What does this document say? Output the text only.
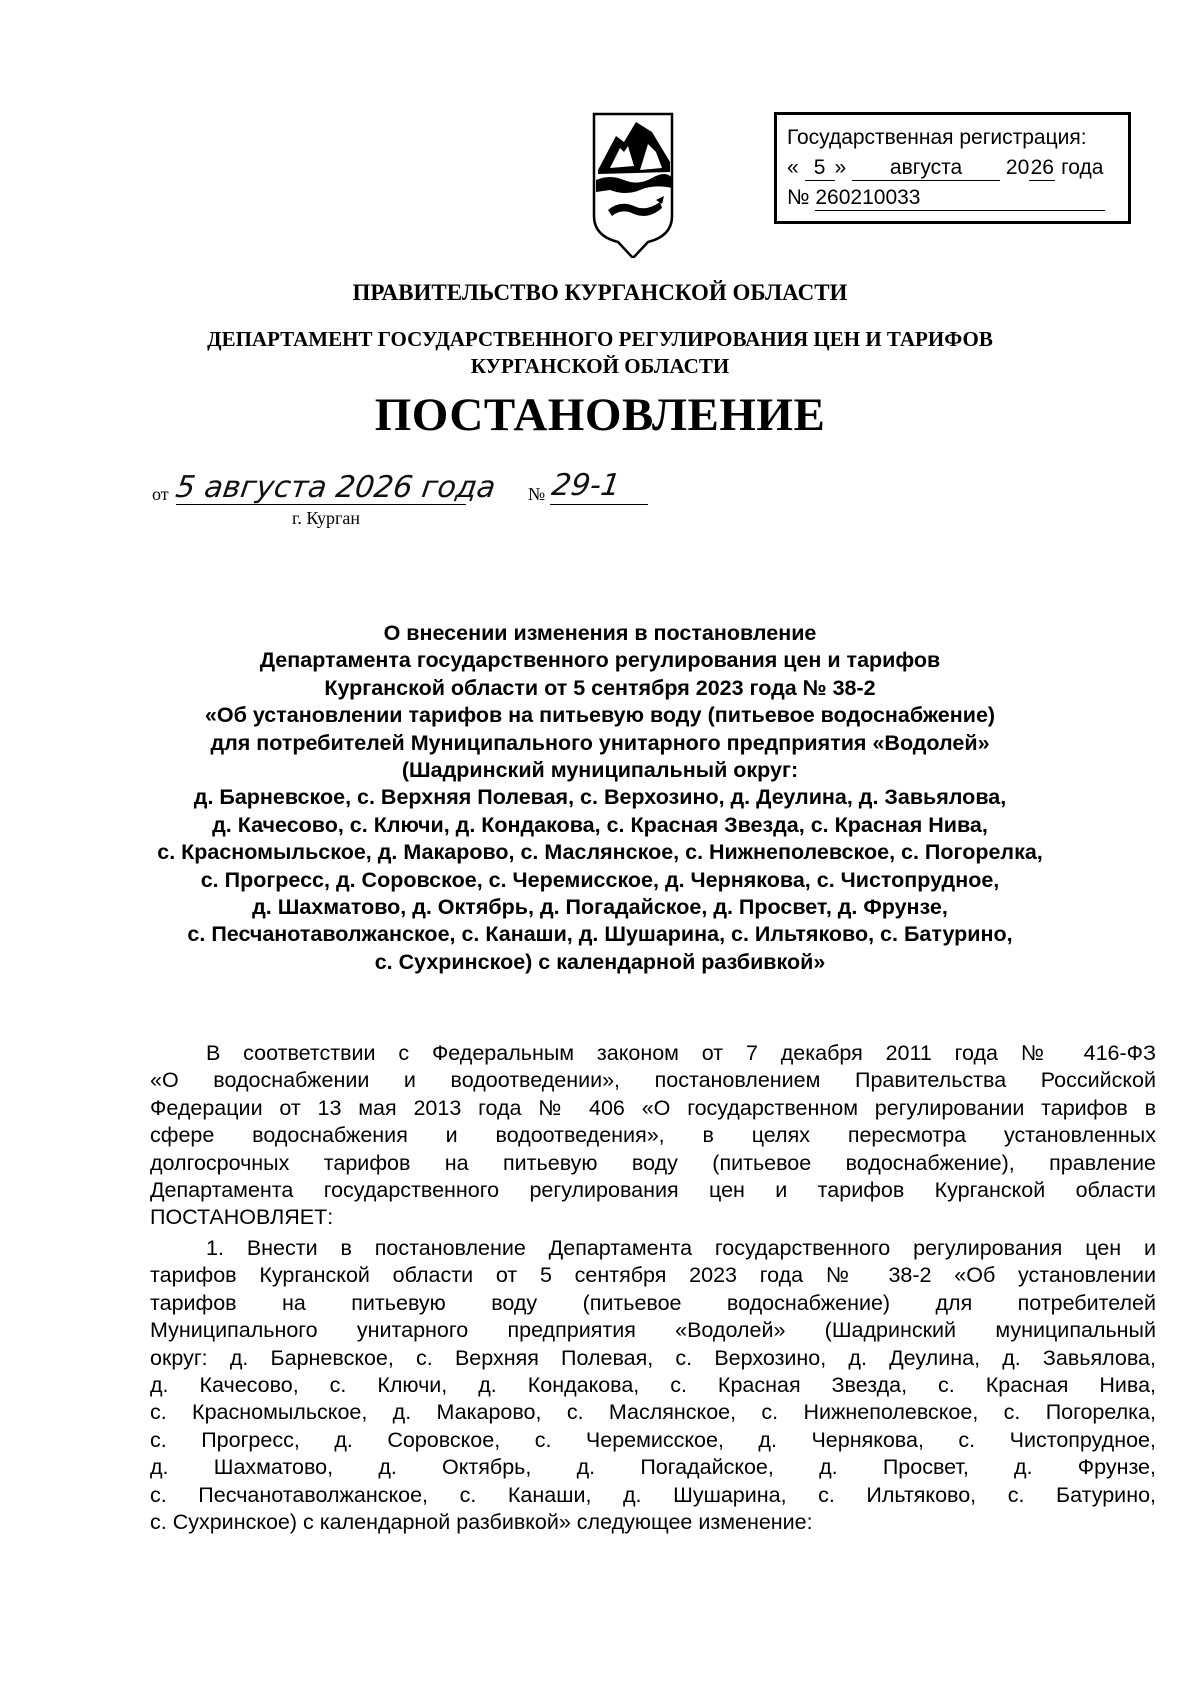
Государственная регистрация:
« 5 » августа 2026 года
№ 260210033
ПРАВИТЕЛЬСТВО КУРГАНСКОЙ ОБЛАСТИ
ДЕПАРТАМЕНТ ГОСУДАРСТВЕННОГО РЕГУЛИРОВАНИЯ ЦЕН И ТАРИФОВ
КУРГАНСКОЙ ОБЛАСТИ
ПОСТАНОВЛЕНИЕ
от 5 августа 2026 года	№ 29-1
г. Курган
О внесении изменения в постановление
Департамента государственного регулирования цен и тарифов
Курганской области от 5 сентября 2023 года № 38-2
«Об установлении тарифов на питьевую воду (питьевое водоснабжение)
для потребителей Муниципального унитарного предприятия «Водолей»
(Шадринский муниципальный округ:
д. Барневское, с. Верхняя Полевая, с. Верхозино, д. Деулина, д. Завьялова,
д. Качесово, с. Ключи, д. Кондакова, с. Красная Звезда, с. Красная Нива,
с. Красномыльское, д. Макарово, с. Маслянское, с. Нижнеполевское, с. Погорелка,
с. Прогресс, д. Соровское, с. Черемисское, д. Чернякова, с. Чистопрудное,
д. Шахматово, д. Октябрь, д. Погадайское, д. Просвет, д. Фрунзе,
с. Песчанотаволжанское, с. Канаши, д. Шушарина, с. Ильтяково, с. Батурино,
с. Сухринское) с календарной разбивкой»
В соответствии с Федеральным законом от 7 декабря 2011 года № 416-ФЗ
«О водоснабжении и водоотведении», постановлением Правительства Российской
Федерации от 13 мая 2013 года № 406 «О государственном регулировании тарифов в
сфере водоснабжения и водоотведения», в целях пересмотра установленных
долгосрочных тарифов на питьевую воду (питьевое водоснабжение), правление
Департамента государственного регулирования цен и тарифов Курганской области
ПОСТАНОВЛЯЕТ:
1. Внести в постановление Департамента государственного регулирования цен и
тарифов Курганской области от 5 сентября 2023 года № 38-2 «Об установлении
тарифов на питьевую воду (питьевое водоснабжение) для потребителей
Муниципального унитарного предприятия «Водолей» (Шадринский муниципальный
округ: д. Барневское, с. Верхняя Полевая, с. Верхозино, д. Деулина, д. Завьялова,
д. Качесово, с. Ключи, д. Кондакова, с. Красная Звезда, с. Красная Нива,
с. Красномыльское, д. Макарово, с. Маслянское, с. Нижнеполевское, с. Погорелка,
с. Прогресс, д. Соровское, с. Черемисское, д. Чернякова, с. Чистопрудное,
д. Шахматово, д. Октябрь, д. Погадайское, д. Просвет, д. Фрунзе,
с. Песчанотаволжанское, с. Канаши, д. Шушарина, с. Ильтяково, с. Батурино,
с. Сухринское) с календарной разбивкой» следующее изменение:
